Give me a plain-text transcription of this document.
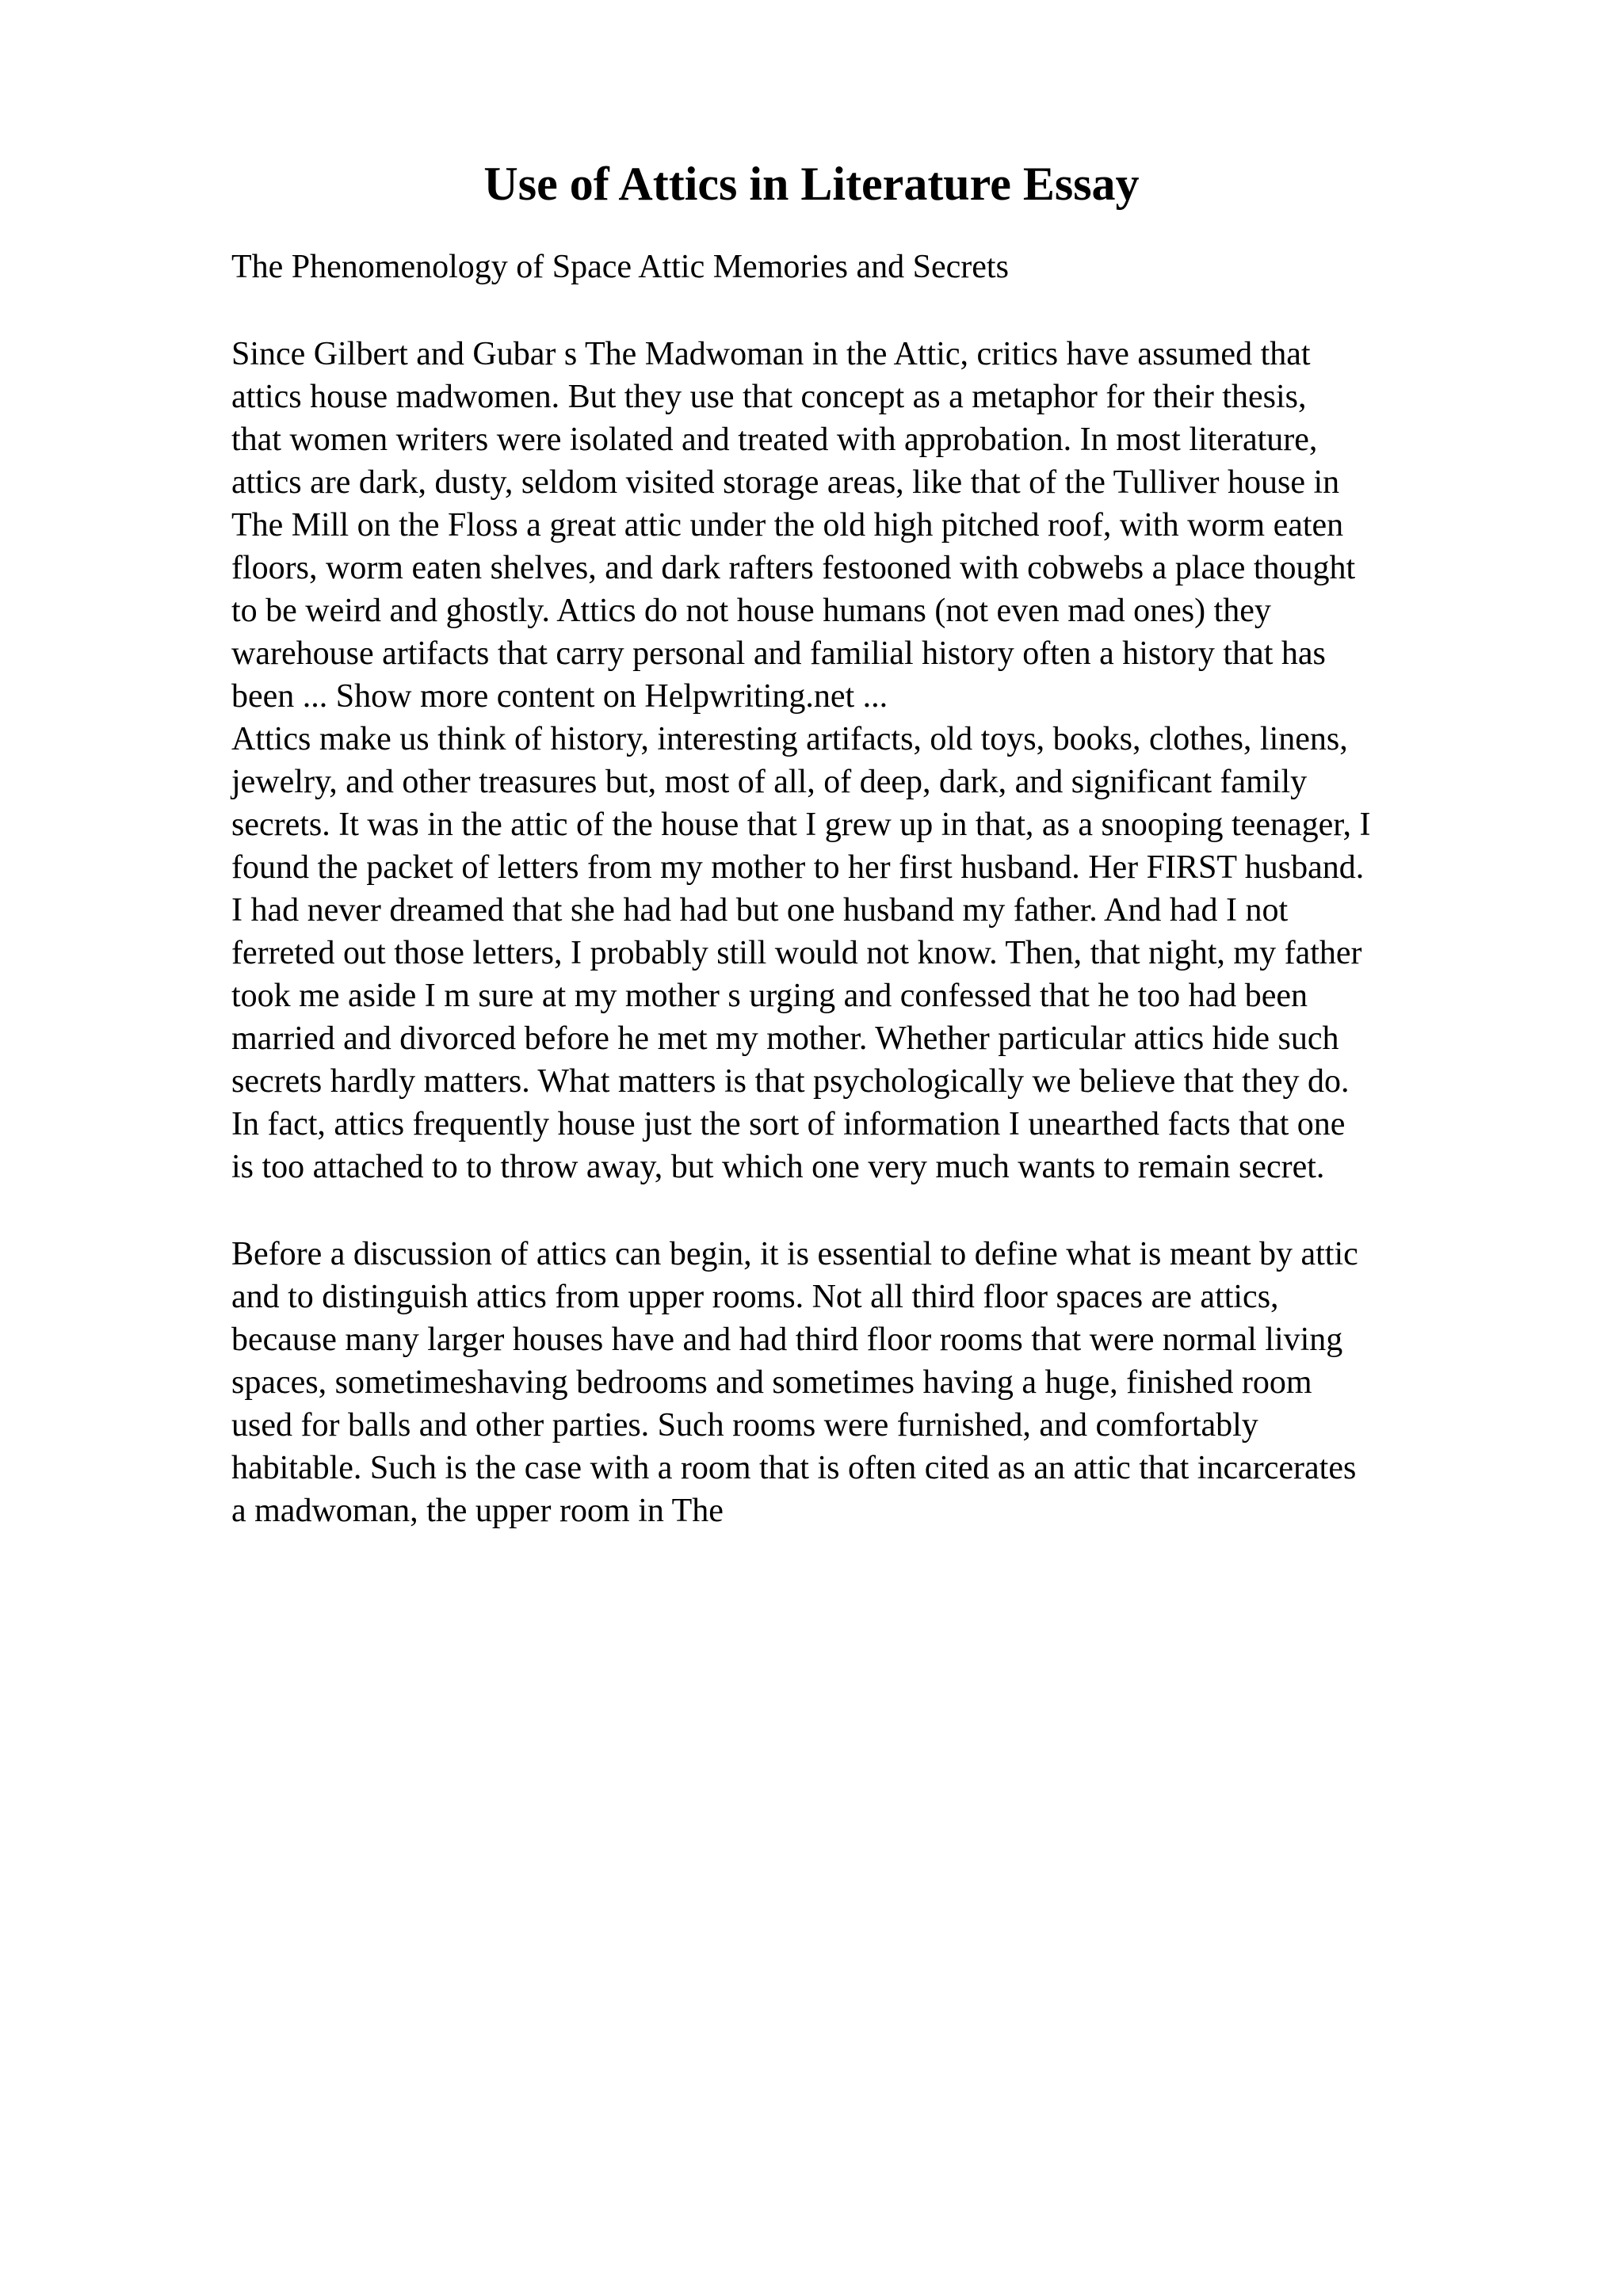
Use of Attics in Literature Essay

The Phenomenology of Space Attic Memories and Secrets

Since Gilbert and Gubar s The Madwoman in the Attic, critics have assumed that

attics house madwomen. But they use that concept as a metaphor for their thesis,

that women writers were isolated and treated with approbation. In most literature,

attics are dark, dusty, seldom visited storage areas, like that of the Tulliver house in

The Mill on the Floss a great attic under the old high pitched roof, with worm eaten

floors, worm eaten shelves, and dark rafters festooned with cobwebs a place thought

to be weird and ghostly. Attics do not house humans (not even mad ones) they

warehouse artifacts that carry personal and familial history often a history that has

been ... Show more content on Helpwriting.net ...

Attics make us think of history, interesting artifacts, old toys, books, clothes, linens,

jewelry, and other treasures but, most of all, of deep, dark, and significant family

secrets. It was in the attic of the house that I grew up in that, as a snooping teenager, I

found the packet of letters from my mother to her first husband. Her FIRST husband.

I had never dreamed that she had had but one husband my father. And had I not

ferreted out those letters, I probably still would not know. Then, that night, my father

took me aside I m sure at my mother s urging and confessed that he too had been

married and divorced before he met my mother. Whether particular attics hide such

secrets hardly matters. What matters is that psychologically we believe that they do.

In fact, attics frequently house just the sort of information I unearthed facts that one

is too attached to to throw away, but which one very much wants to remain secret.

Before a discussion of attics can begin, it is essential to define what is meant by attic

and to distinguish attics from upper rooms. Not all third floor spaces are attics,

because many larger houses have and had third floor rooms that were normal living

spaces, sometimeshaving bedrooms and sometimes having a huge, finished room

used for balls and other parties. Such rooms were furnished, and comfortably

habitable. Such is the case with a room that is often cited as an attic that incarcerates

a madwoman, the upper room in The
